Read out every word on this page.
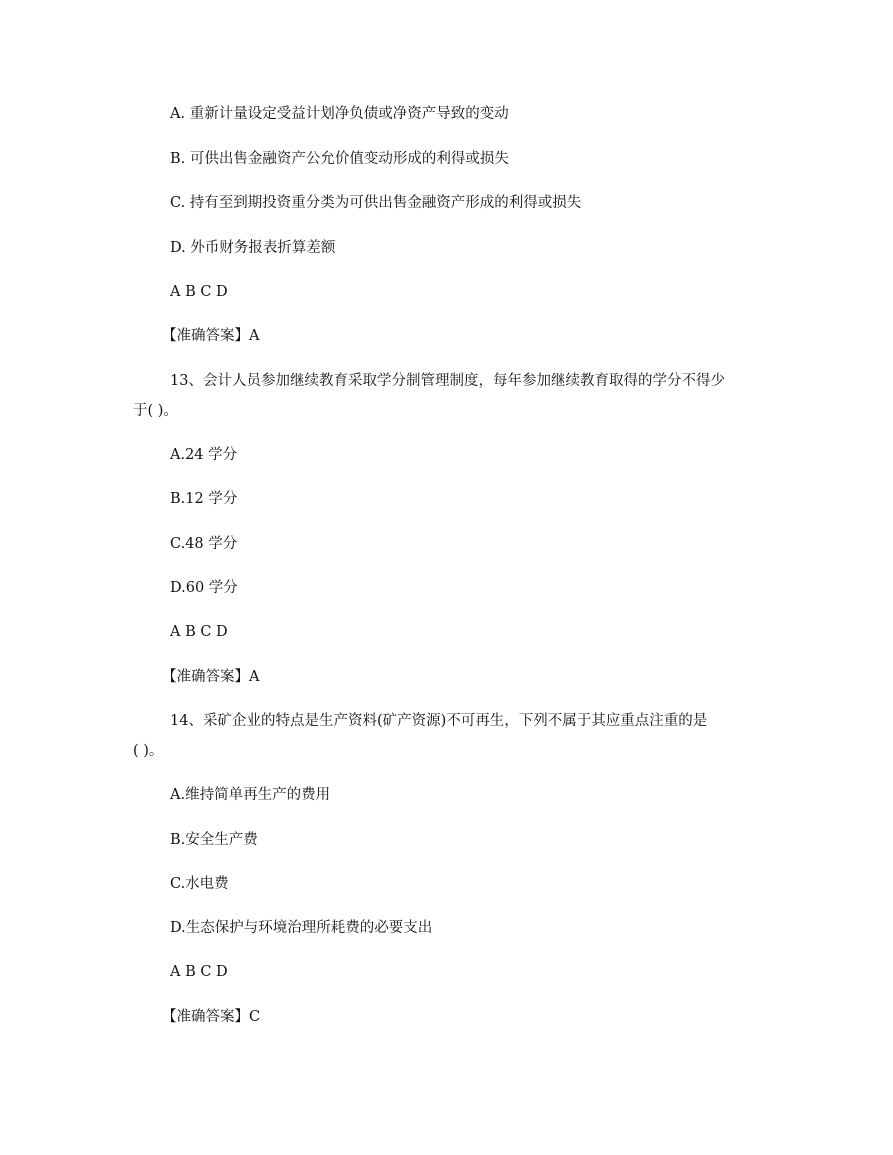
A. 重新计量设定受益计划净负债或净资产导致的变动
B. 可供出售金融资产公允价值变动形成的利得或损失
C. 持有至到期投资重分类为可供出售金融资产形成的利得或损失
D. 外币财务报表折算差额
A B C D
【准确答案】A
13、会计人员参加继续教育采取学分制管理制度，每年参加继续教育取得的学分不得少
于( )。
A.24 学分
B.12 学分
C.48 学分
D.60 学分
A B C D
【准确答案】A
14、采矿企业的特点是生产资料(矿产资源)不可再生，下列不属于其应重点注重的是
( )。
A.维持简单再生产的费用
B.安全生产费
C.水电费
D.生态保护与环境治理所耗费的必要支出
A B C D
【准确答案】C
